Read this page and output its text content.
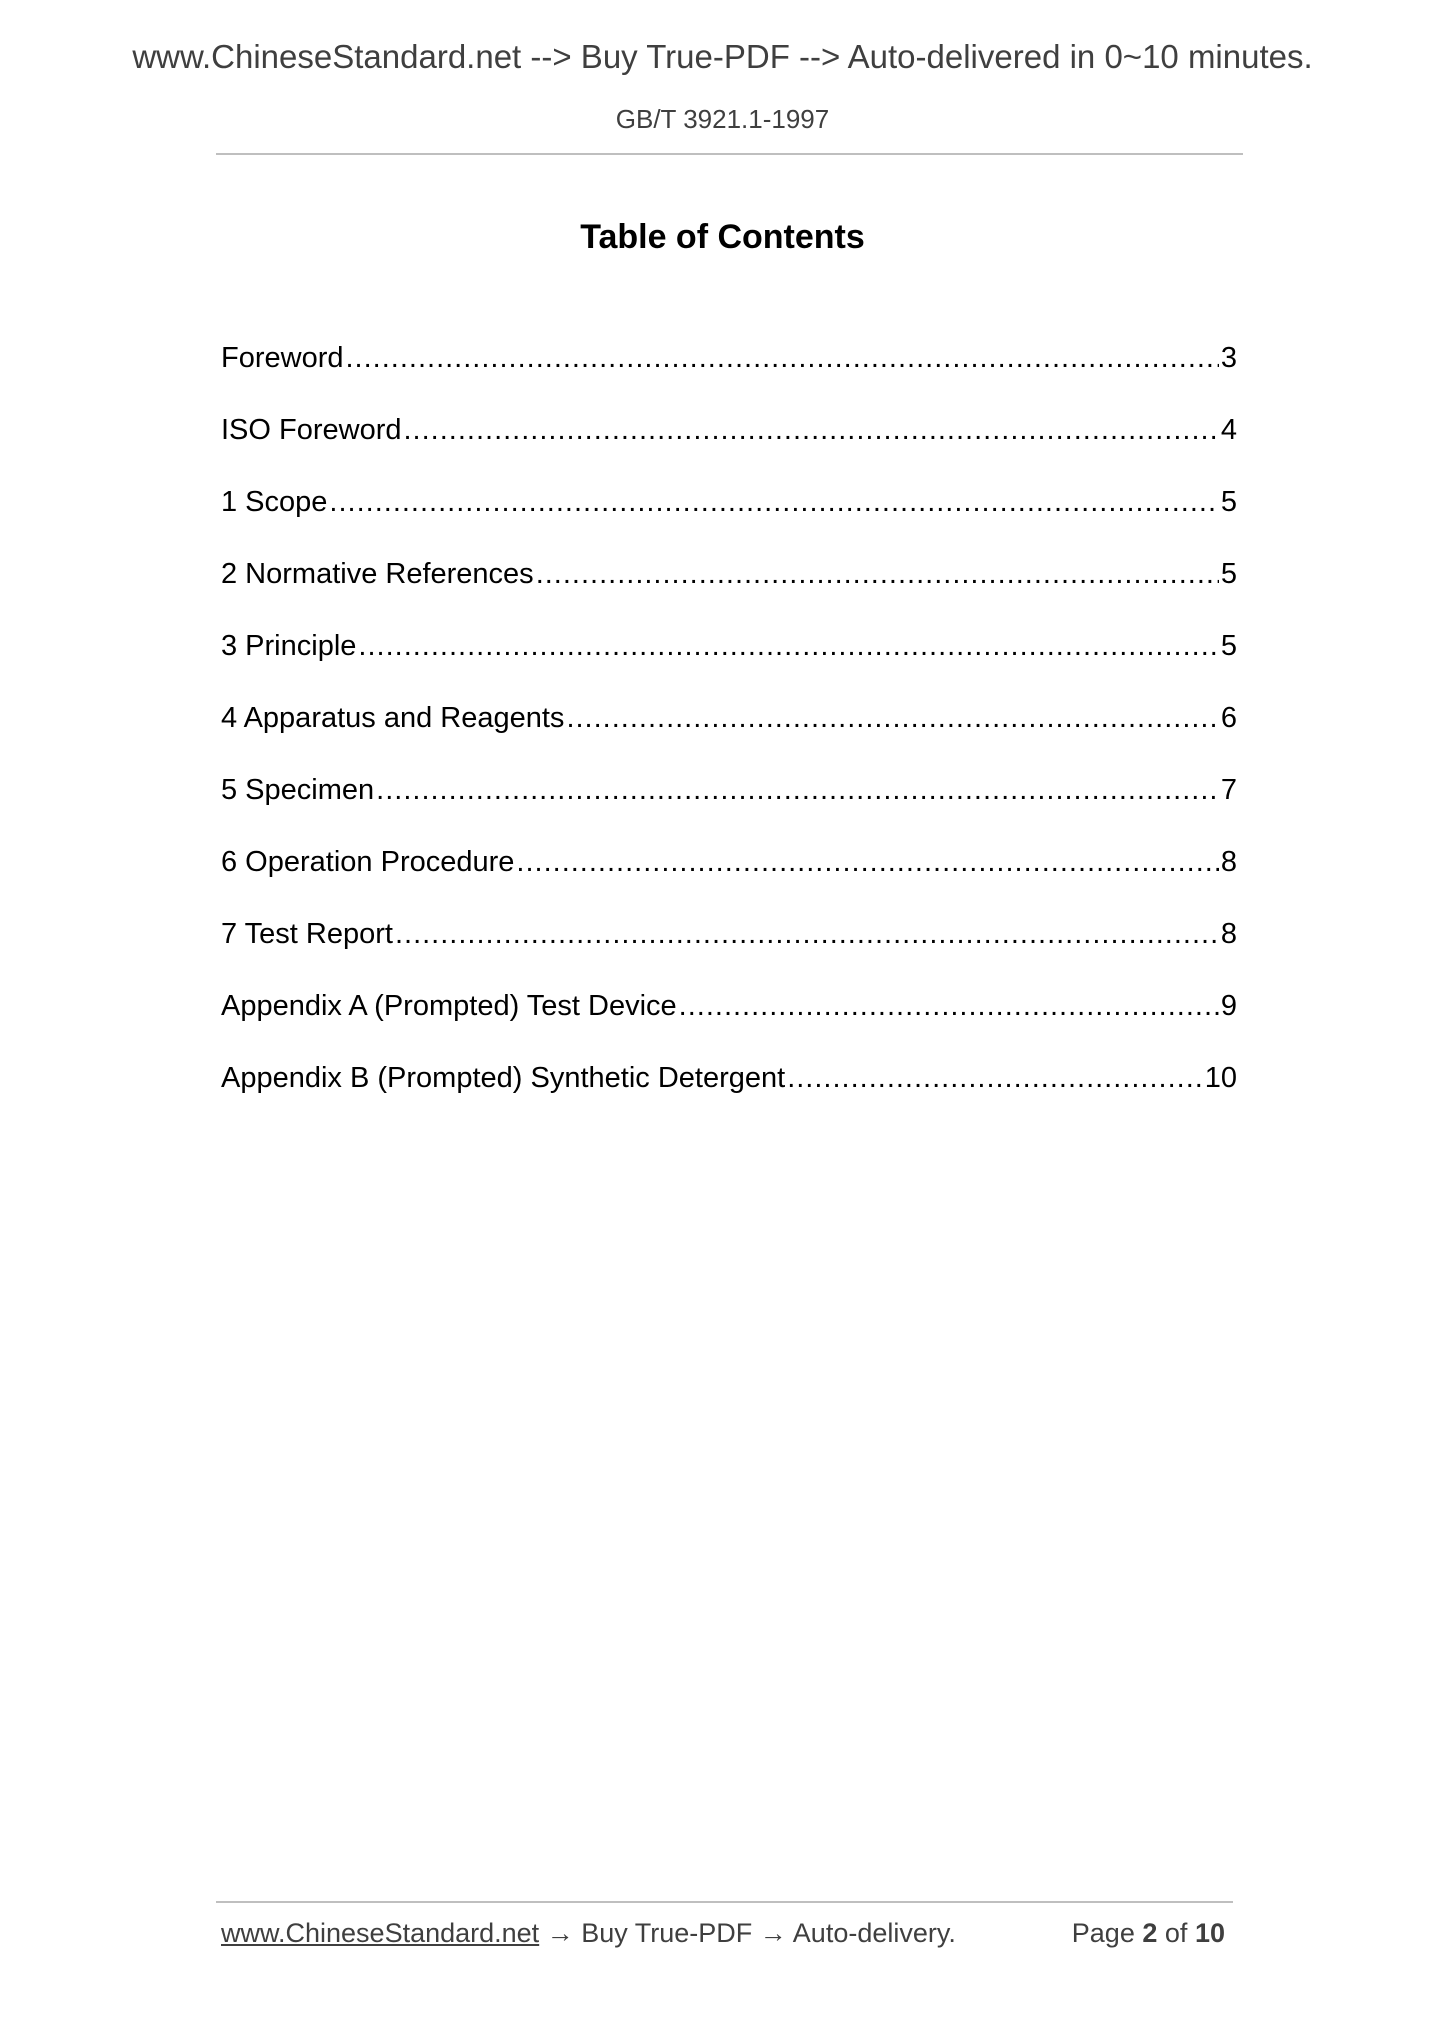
www.ChineseStandard.net --> Buy True-PDF --> Auto-delivered in 0~10 minutes.
GB/T 3921.1-1997
Table of Contents
Foreword .....	3
ISO Foreword .....	4
1 Scope .....	5
2 Normative References .....	5
3 Principle .....	5
4 Apparatus and Reagents .....	6
5 Specimen .....	7
6 Operation Procedure .....	8
7 Test Report .....	8
Appendix A (Prompted) Test Device .....	9
Appendix B (Prompted) Synthetic Detergent .....	10
www.ChineseStandard.net → Buy True-PDF → Auto-delivery.	Page 2 of 10
